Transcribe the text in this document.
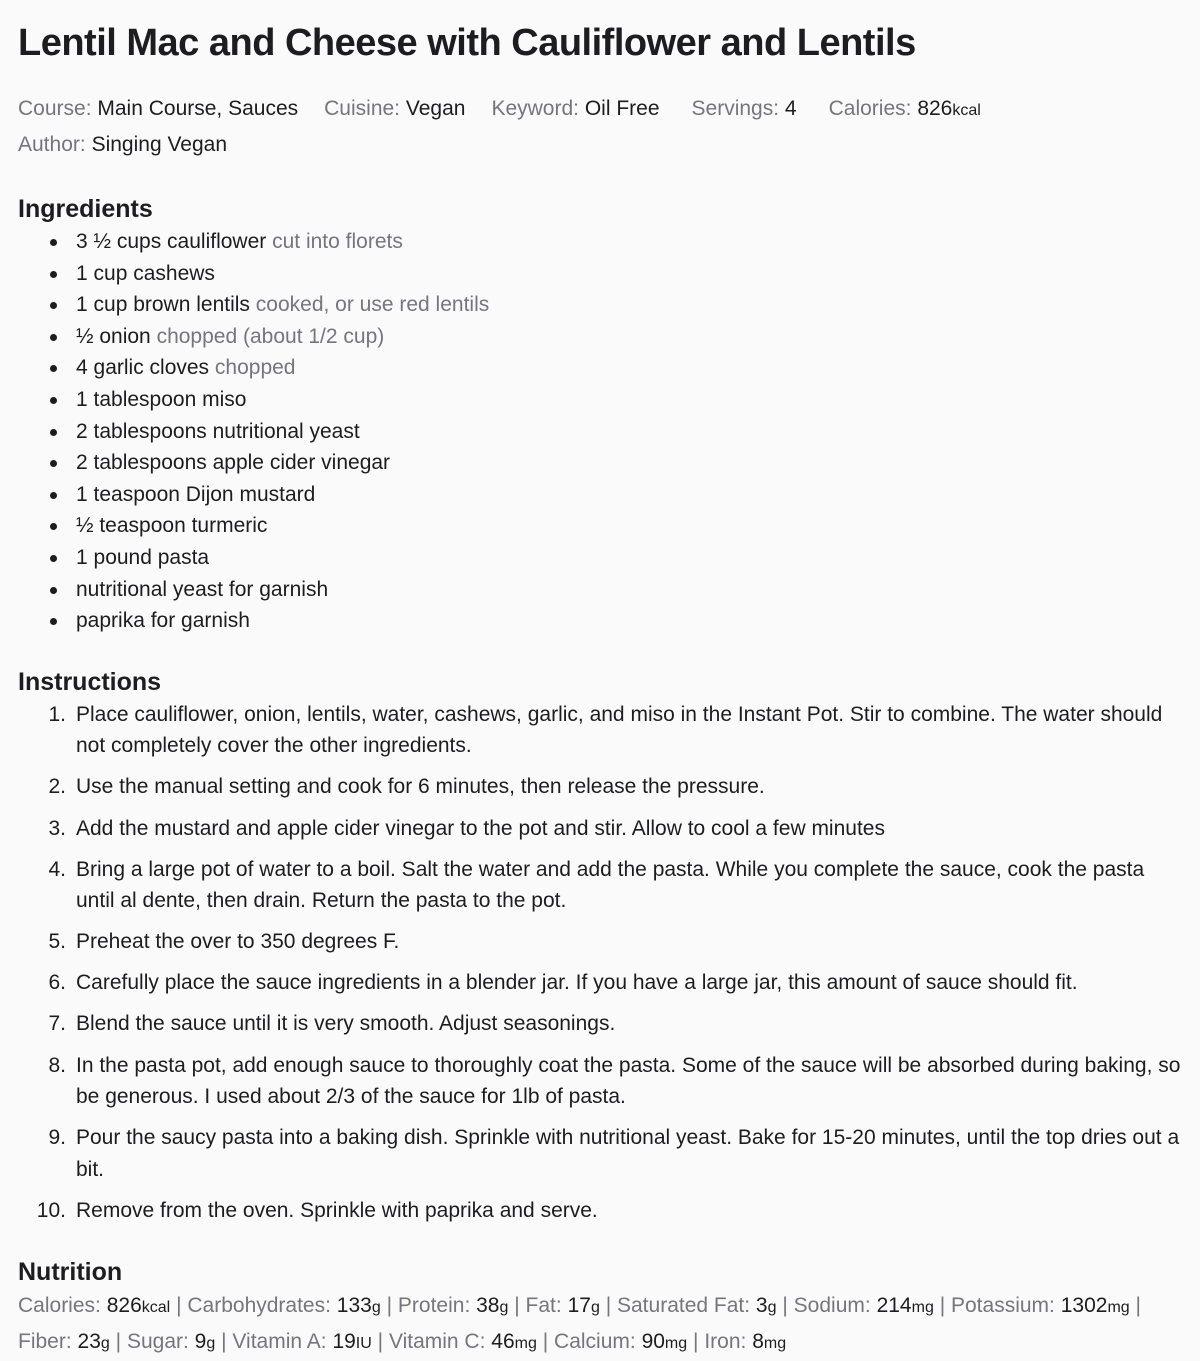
Lentil Mac and Cheese with Cauliflower and Lentils
Course: Main Course, Sauces Cuisine: Vegan Keyword: Oil Free Servings: 4 Calories: 826kcal
Author: Singing Vegan
Ingredients
3 ½ cups cauliflower cut into florets
1 cup cashews
1 cup brown lentils cooked, or use red lentils
½ onion chopped (about 1/2 cup)
4 garlic cloves chopped
1 tablespoon miso
2 tablespoons nutritional yeast
2 tablespoons apple cider vinegar
1 teaspoon Dijon mustard
½ teaspoon turmeric
1 pound pasta
nutritional yeast for garnish
paprika for garnish
Instructions
1. Place cauliflower, onion, lentils, water, cashews, garlic, and miso in the Instant Pot. Stir to combine. The water should not completely cover the other ingredients.
2. Use the manual setting and cook for 6 minutes, then release the pressure.
3. Add the mustard and apple cider vinegar to the pot and stir. Allow to cool a few minutes
4. Bring a large pot of water to a boil. Salt the water and add the pasta. While you complete the sauce, cook the pasta until al dente, then drain. Return the pasta to the pot.
5. Preheat the over to 350 degrees F.
6. Carefully place the sauce ingredients in a blender jar. If you have a large jar, this amount of sauce should fit.
7. Blend the sauce until it is very smooth. Adjust seasonings.
8. In the pasta pot, add enough sauce to thoroughly coat the pasta. Some of the sauce will be absorbed during baking, so be generous. I used about 2/3 of the sauce for 1lb of pasta.
9. Pour the saucy pasta into a baking dish. Sprinkle with nutritional yeast. Bake for 15-20 minutes, until the top dries out a bit.
10. Remove from the oven. Sprinkle with paprika and serve.
Nutrition
Calories: 826kcal | Carbohydrates: 133g | Protein: 38g | Fat: 17g | Saturated Fat: 3g | Sodium: 214mg | Potassium: 1302mg | Fiber: 23g | Sugar: 9g | Vitamin A: 19IU | Vitamin C: 46mg | Calcium: 90mg | Iron: 8mg
